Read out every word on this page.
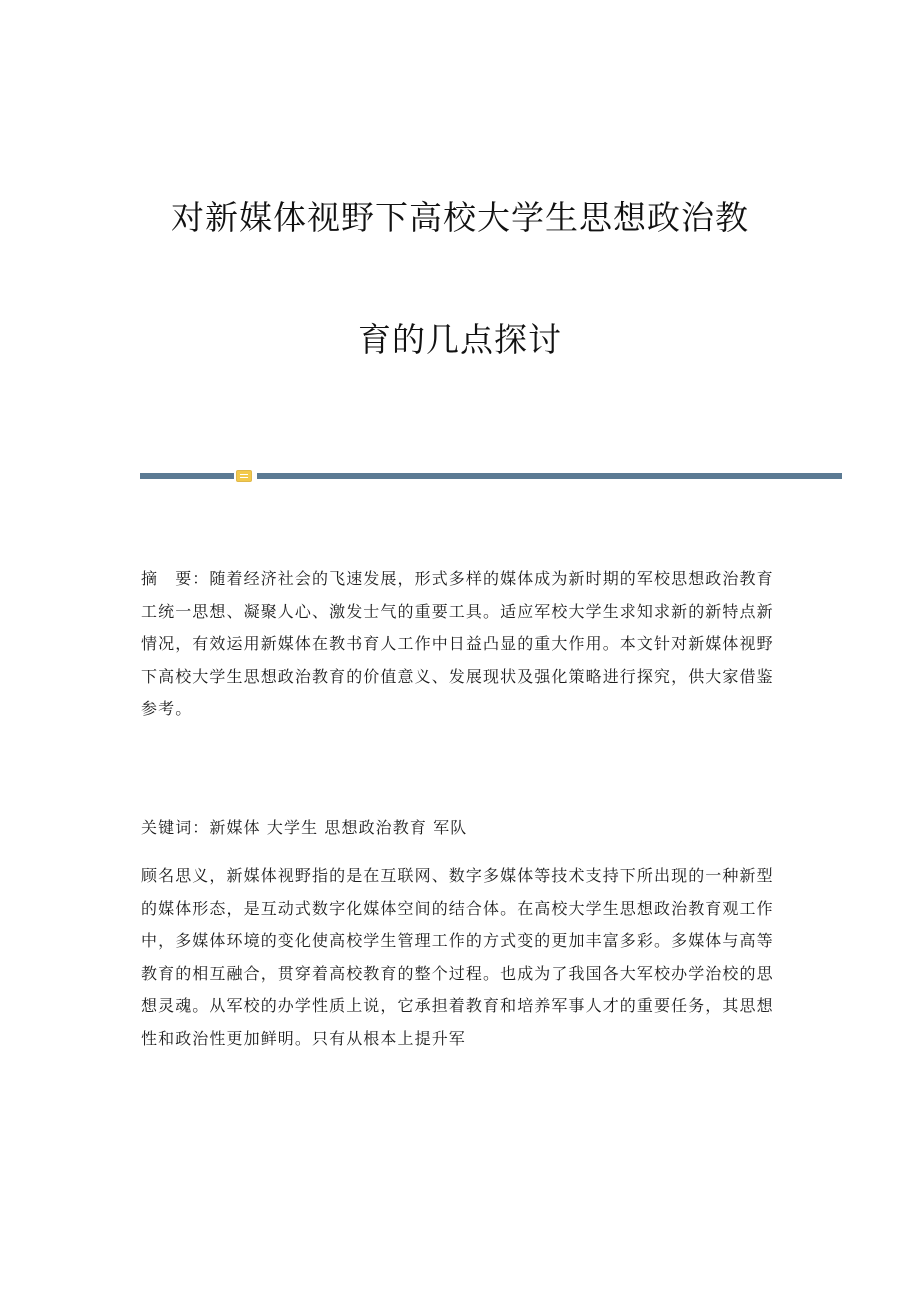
对新媒体视野下高校大学生思想政治教
育的几点探讨

摘　要：随着经济社会的飞速发展，形式多样的媒体成为新时期的军校思想政治教育工统一思想、凝聚人心、激发士气的重要工具。适应军校大学生求知求新的新特点新情况，有效运用新媒体在教书育人工作中日益凸显的重大作用。本文针对新媒体视野下高校大学生思想政治教育的价值意义、发展现状及强化策略进行探究，供大家借鉴参考。

关键词：新媒体 大学生 思想政治教育 军队

顾名思义，新媒体视野指的是在互联网、数字多媒体等技术支持下所出现的一种新型的媒体形态，是互动式数字化媒体空间的结合体。在高校大学生思想政治教育观工作中，多媒体环境的变化使高校学生管理工作的方式变的更加丰富多彩。多媒体与高等教育的相互融合，贯穿着高校教育的整个过程。也成为了我国各大军校办学治校的思想灵魂。从军校的办学性质上说，它承担着教育和培养军事人才的重要任务，其思想性和政治性更加鲜明。只有从根本上提升军
